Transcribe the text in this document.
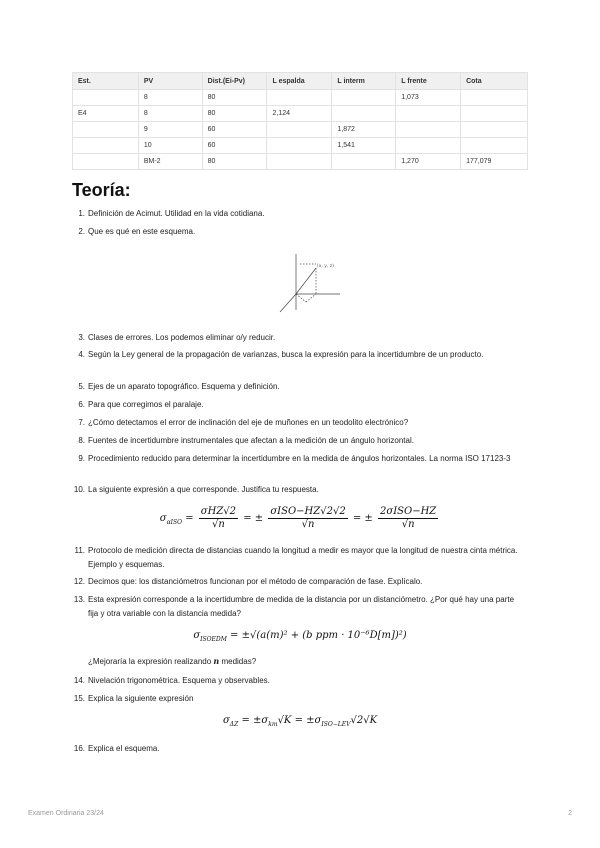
Est.	PV	Dist.(Ei-Pv)	L espalda	L interm	L frente	Cota
	8	80			1,073	
E4	8	80	2,124			
	9	60		1,872		
	10	60		1,541		
	BM-2	80			1,270	177,079
Teoría:
1. Definición de Acimut. Utilidad en la vida cotidiana.
2. Que es qué en este esquema.
(x, y, z)
3. Clases de errores. Los podemos eliminar o/y reducir.
4. Según la Ley general de la propagación de varianzas, busca la expresión para la incertidumbre de un producto.
5. Ejes de un aparato topográfico. Esquema y definición.
6. Para que corregimos el paralaje.
7. ¿Cómo detectamos el error de inclinación del eje de muñones en un teodolito electrónico?
8. Fuentes de incertidumbre instrumentales que afectan a la medición de un ángulo horizontal.
9. Procedimiento reducido para determinar la incertidumbre en la medida de ángulos horizontales. La norma ISO 17123-3
10. La siguiente expresión a que corresponde. Justifica tu respuesta.
$\sigma_{\alpha ISO} = \frac{\text{σHZ√2}}{√n}$ = ± $\frac{\text{σISO−HZ√2√2}}{√n}$ = ± $\frac{\text{2σISO−HZ}}{√n}$
11. Protocolo de medición directa de distancias cuando la longitud a medir es mayor que la longitud de nuestra cinta métrica. Ejemplo y esquemas.
12. Decimos que: los distanciómetros funcionan por el método de comparación de fase. Explícalo.
13. Esta expresión corresponde a la incertidumbre de medida de la distancia por un distanciómetro. ¿Por qué hay una parte fija y otra variable con la distancia medida?
$\sigma_{ISOEDM} = \pm√(a(m)^2 + (b$ ppm · 10⁻⁶D[m])²)
¿Mejoraría la expresión realizando n medidas?
14. Nivelación trigonométrica. Esquema y observables.
15. Explica la siguiente expresión
$\sigma_{\Delta Z} = \pm\sigma_{km}√K = \pm\sigma_{ISO-LEV}√2√K$
16. Explica el esquema.
Examen Ordinaria 23/24	2
